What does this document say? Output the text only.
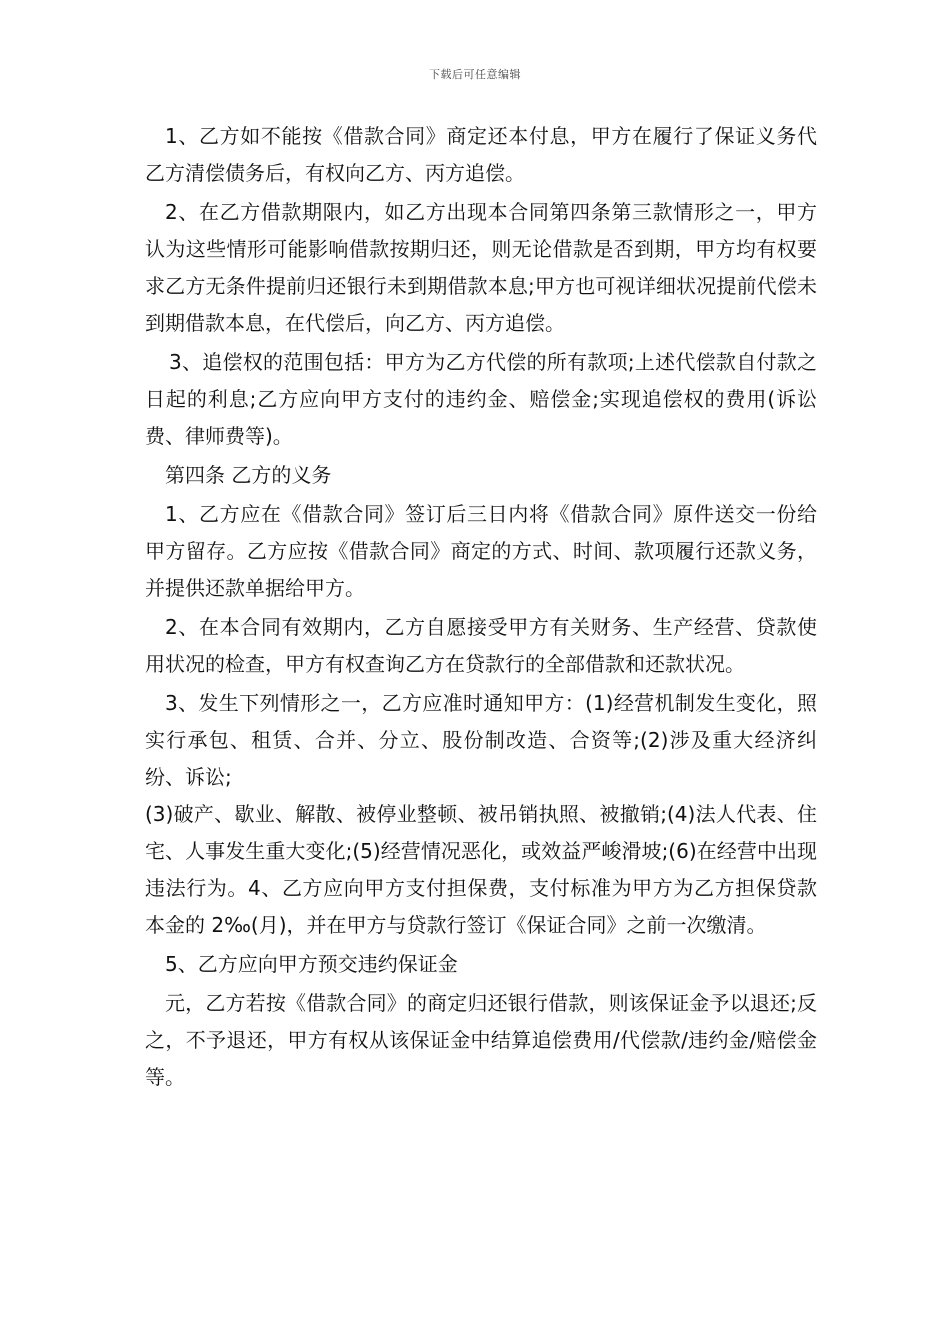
下载后可任意编辑

1、乙方如不能按《借款合同》商定还本付息，甲方在履行了保证义务代乙方清偿债务后，有权向乙方、丙方追偿。

2、在乙方借款期限内，如乙方出现本合同第四条第三款情形之一，甲方认为这些情形可能影响借款按期归还，则无论借款是否到期，甲方均有权要求乙方无条件提前归还银行未到期借款本息;甲方也可视详细状况提前代偿未到期借款本息，在代偿后，向乙方、丙方追偿。

3、追偿权的范围包括：甲方为乙方代偿的所有款项;上述代偿款自付款之日起的利息;乙方应向甲方支付的违约金、赔偿金;实现追偿权的费用(诉讼费、律师费等)。

第四条 乙方的义务

1、乙方应在《借款合同》签订后三日内将《借款合同》原件送交一份给甲方留存。乙方应按《借款合同》商定的方式、时间、款项履行还款义务，并提供还款单据给甲方。

2、在本合同有效期内，乙方自愿接受甲方有关财务、生产经营、贷款使用状况的检查，甲方有权查询乙方在贷款行的全部借款和还款状况。

3、发生下列情形之一，乙方应准时通知甲方：(1)经营机制发生变化，照实行承包、租赁、合并、分立、股份制改造、合资等;(2)涉及重大经济纠纷、诉讼;

(3)破产、歇业、解散、被停业整顿、被吊销执照、被撤销;(4)法人代表、住宅、人事发生重大变化;(5)经营情况恶化，或效益严峻滑坡;(6)在经营中出现违法行为。4、乙方应向甲方支付担保费，支付标准为甲方为乙方担保贷款本金的 2‰(月)，并在甲方与贷款行签订《保证合同》之前一次缴清。

5、乙方应向甲方预交违约保证金

元，乙方若按《借款合同》的商定归还银行借款，则该保证金予以退还;反之，不予退还，甲方有权从该保证金中结算追偿费用/代偿款/违约金/赔偿金等。
